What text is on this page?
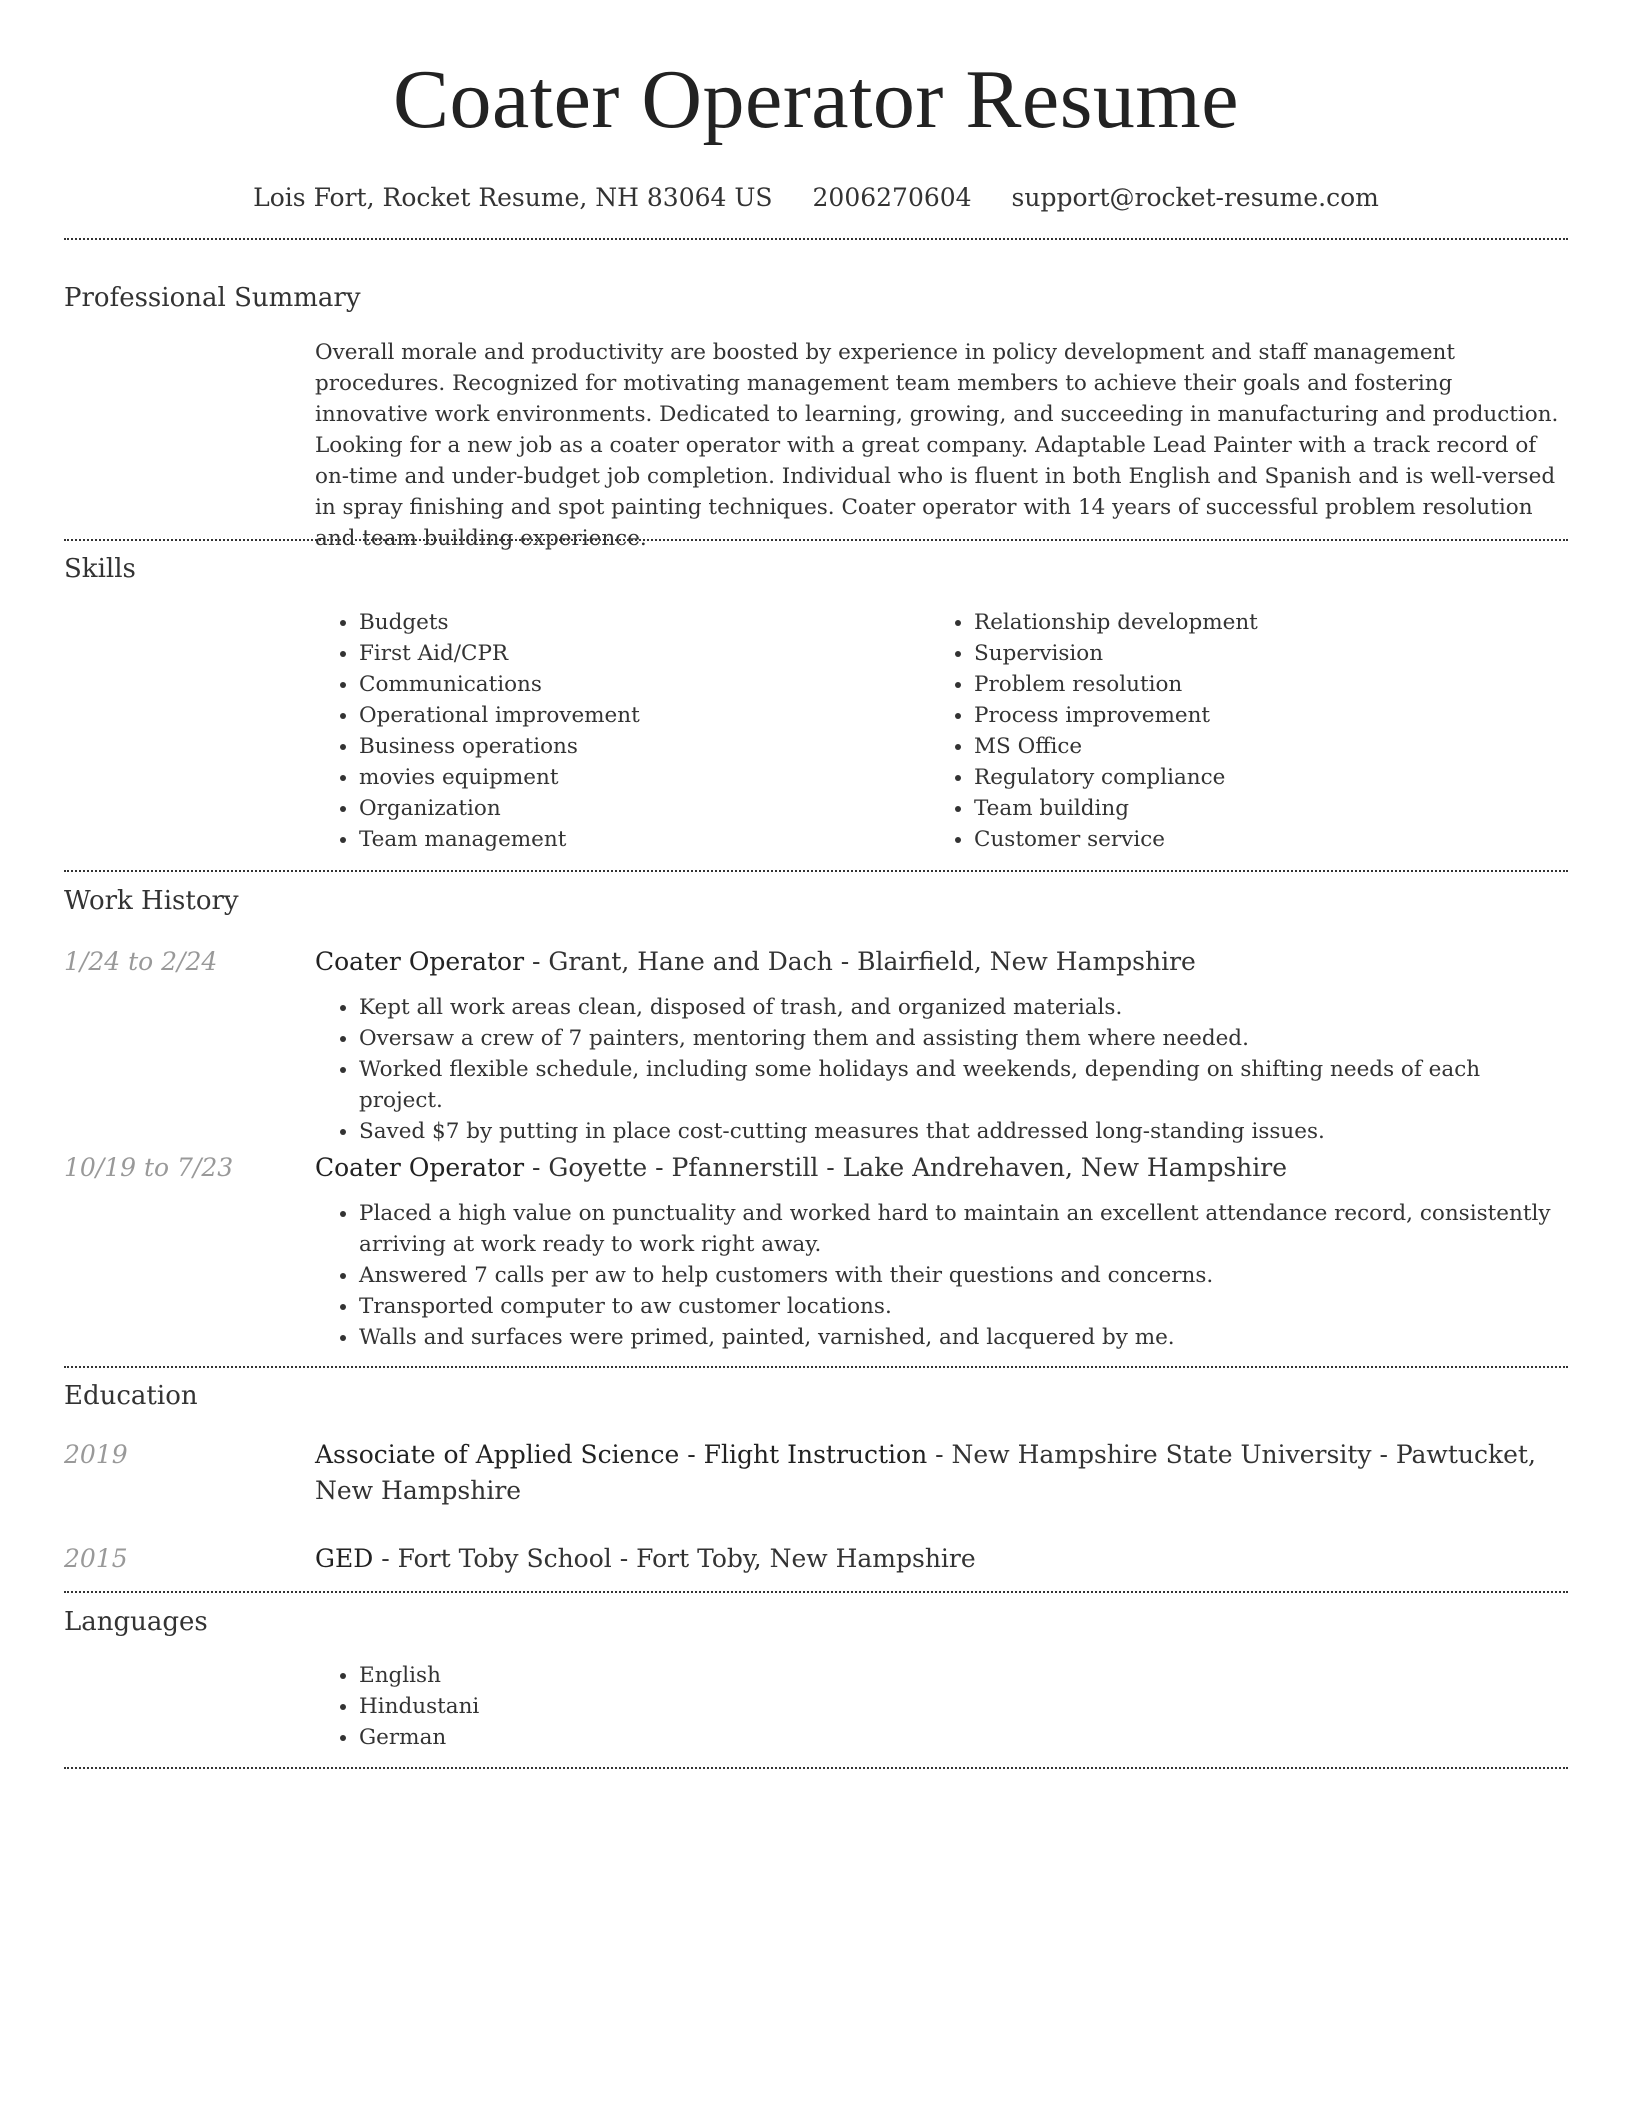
Coater Operator Resume
Lois Fort, Rocket Resume, NH 83064 US 2006270604 support@rocket-resume.com
Professional Summary

Overall morale and productivity are boosted by experience in policy development and staff management procedures. Recognized for motivating management team members to achieve their goals and fostering innovative work environments. Dedicated to learning, growing, and succeeding in manufacturing and production. Looking for a new job as a coater operator with a great company. Adaptable Lead Painter with a track record of on-time and under-budget job completion. Individual who is fluent in both English and Spanish and is well-versed in spray finishing and spot painting techniques. Coater operator with 14 years of successful problem resolution and team building experience.

Skills
• Budgets
• First Aid/CPR
• Communications
• Operational improvement
• Business operations
• movies equipment
• Organization
• Team management
• Relationship development
• Supervision
• Problem resolution
• Process improvement
• MS Office
• Regulatory compliance
• Team building
• Customer service
Work History
1/24 to 2/24	Coater Operator - Grant, Hane and Dach - Blairfield, New Hampshire

• Kept all work areas clean, disposed of trash, and organized materials.
• Oversaw a crew of 7 painters, mentoring them and assisting them where needed.
• Worked flexible schedule, including some holidays and weekends, depending on shifting needs of each project.
• Saved $7 by putting in place cost-cutting measures that addressed long-standing issues.
10/19 to 7/23	Coater Operator - Goyette - Pfannerstill - Lake Andrehaven, New Hampshire

• Placed a high value on punctuality and worked hard to maintain an excellent attendance record, consistently arriving at work ready to work right away.
• Answered 7 calls per aw to help customers with their questions and concerns.
• Transported computer to aw customer locations.
• Walls and surfaces were primed, painted, varnished, and lacquered by me.
Education
2019	Associate of Applied Science - Flight Instruction - New Hampshire State University - Pawtucket, New Hampshire

2015	GED - Fort Toby School - Fort Toby, New Hampshire

Languages
• English
• Hindustani
• German
